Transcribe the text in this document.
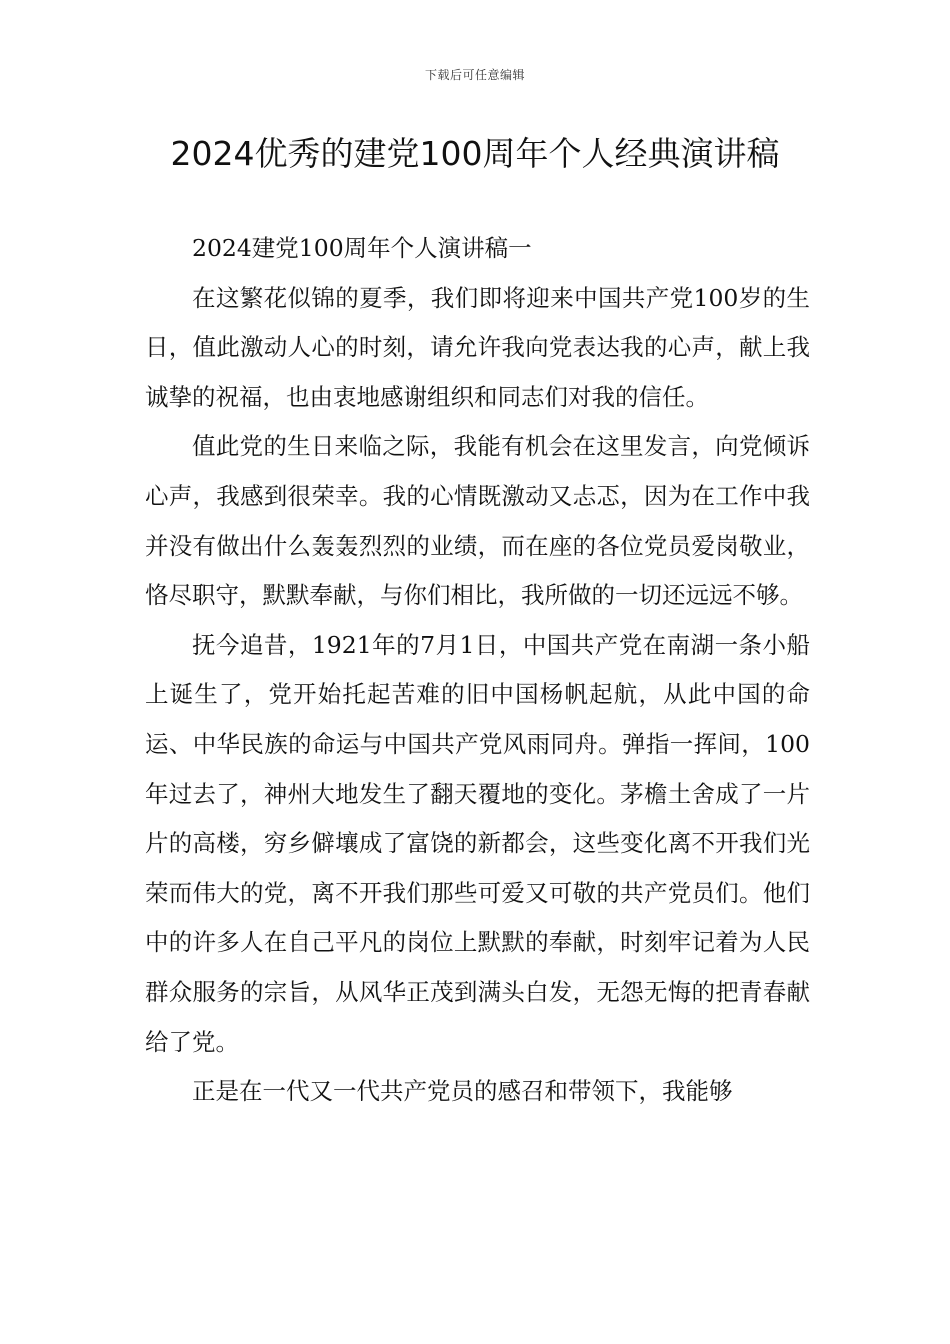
下载后可任意编辑
2024优秀的建党100周年个人经典演讲稿

2024建党100周年个人演讲稿一

在这繁花似锦的夏季，我们即将迎来中国共产党100岁的生日，值此激动人心的时刻，请允许我向党表达我的心声，献上我诚挚的祝福，也由衷地感谢组织和同志们对我的信任。

值此党的生日来临之际，我能有机会在这里发言，向党倾诉心声，我感到很荣幸。我的心情既激动又忐忑，因为在工作中我并没有做出什么轰轰烈烈的业绩，而在座的各位党员爱岗敬业，恪尽职守，默默奉献，与你们相比，我所做的一切还远远不够。

抚今追昔，1921年的7月1日，中国共产党在南湖一条小船上诞生了，党开始托起苦难的旧中国杨帆起航，从此中国的命运、中华民族的命运与中国共产党风雨同舟。弹指一挥间，100年过去了，神州大地发生了翻天覆地的变化。茅檐土舍成了一片片的高楼，穷乡僻壤成了富饶的新都会，这些变化离不开我们光荣而伟大的党，离不开我们那些可爱又可敬的共产党员们。他们中的许多人在自己平凡的岗位上默默的奉献，时刻牢记着为人民群众服务的宗旨，从风华正茂到满头白发，无怨无悔的把青春献给了党。

正是在一代又一代共产党员的感召和带领下，我能够
